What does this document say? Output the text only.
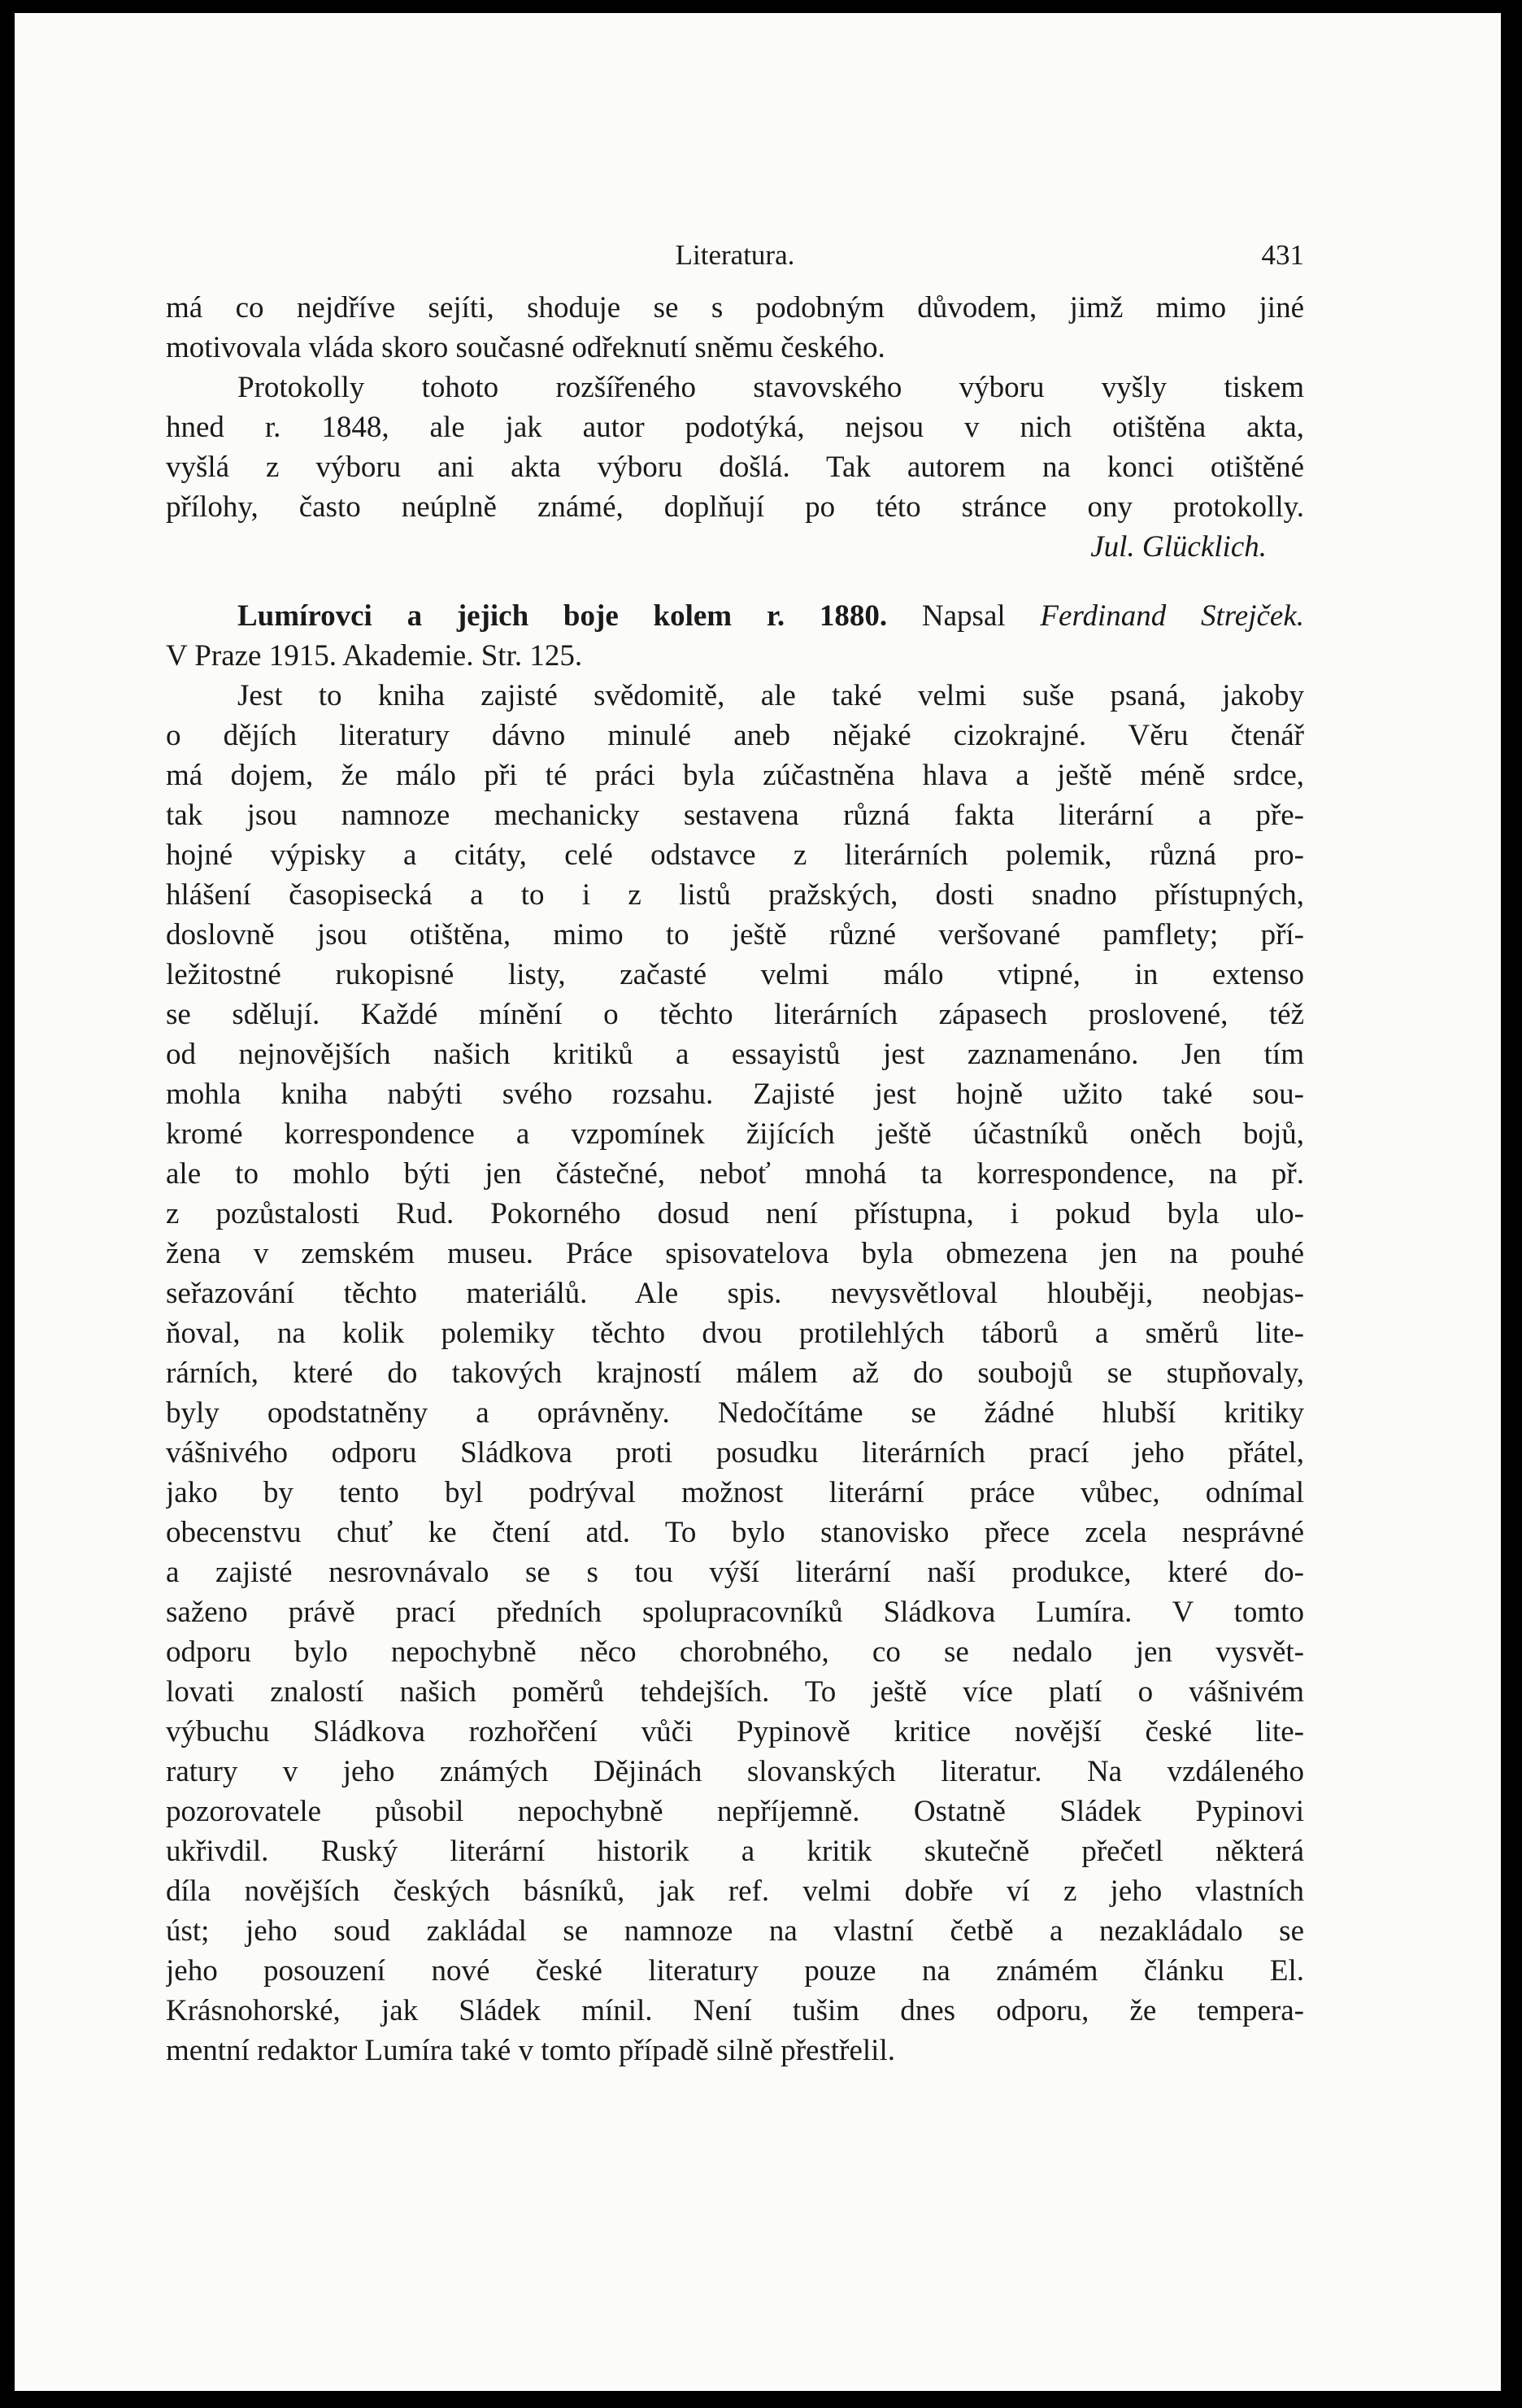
Literatura.	431
má co nejdříve sejíti, shoduje se s podobným důvodem, jimž mimo jiné
motivovala vláda skoro současné odřeknutí sněmu českého.
Protokolly tohoto rozšířeného stavovského výboru vyšly tiskem
hned r. 1848, ale jak autor podotýká, nejsou v nich otištěna akta,
vyšlá z výboru ani akta výboru došlá. Tak autorem na konci otištěné
přílohy, často neúplně známé, doplňují po této stránce ony protokolly.
Jul. Glücklich.
Lumírovci a jejich boje kolem r. 1880. Napsal Ferdinand Strejček.
V Praze 1915. Akademie. Str. 125.
Jest to kniha zajisté svědomitě, ale také velmi suše psaná, jakoby
o dějích literatury dávno minulé aneb nějaké cizokrajné. Věru čtenář
má dojem, že málo při té práci byla zúčastněna hlava a ještě méně srdce,
tak jsou namnoze mechanicky sestavena různá fakta literární a pře-
hojné výpisky a citáty, celé odstavce z literárních polemik, různá pro-
hlášení časopisecká a to i z listů pražských, dosti snadno přístupných,
doslovně jsou otištěna, mimo to ještě různé veršované pamflety; pří-
ležitostné rukopisné listy, začasté velmi málo vtipné, in extenso
se sdělují. Každé mínění o těchto literárních zápasech proslovené, též
od nejnovějších našich kritiků a essayistů jest zaznamenáno. Jen tím
mohla kniha nabýti svého rozsahu. Zajisté jest hojně užito také sou-
kromé korrespondence a vzpomínek žijících ještě účastníků oněch bojů,
ale to mohlo býti jen částečné, neboť mnohá ta korrespondence, na př.
z pozůstalosti Rud. Pokorného dosud není přístupna, i pokud byla ulo-
žena v zemském museu. Práce spisovatelova byla obmezena jen na pouhé
seřazování těchto materiálů. Ale spis. nevysvětloval hlouběji, neobjas-
ňoval, na kolik polemiky těchto dvou protilehlých táborů a směrů lite-
rárních, které do takových krajností málem až do soubojů se stupňovaly,
byly opodstatněny a oprávněny. Nedočítáme se žádné hlubší kritiky
vášnivého odporu Sládkova proti posudku literárních prací jeho přátel,
jako by tento byl podrýval možnost literární práce vůbec, odnímal
obecenstvu chuť ke čtení atd. To bylo stanovisko přece zcela nesprávné
a zajisté nesrovnávalo se s tou výší literární naší produkce, které do-
saženo právě prací předních spolupracovníků Sládkova Lumíra. V tomto
odporu bylo nepochybně něco chorobného, co se nedalo jen vysvět-
lovati znalostí našich poměrů tehdejších. To ještě více platí o vášnivém
výbuchu Sládkova rozhořčení vůči Pypinově kritice novější české lite-
ratury v jeho známých Dějinách slovanských literatur. Na vzdáleného
pozorovatele působil nepochybně nepříjemně. Ostatně Sládek Pypinovi
ukřivdil. Ruský literární historik a kritik skutečně přečetl některá
díla novějších českých básníků, jak ref. velmi dobře ví z jeho vlastních
úst; jeho soud zakládal se namnoze na vlastní četbě a nezakládalo se
jeho posouzení nové české literatury pouze na známém článku El.
Krásnohorské, jak Sládek mínil. Není tušim dnes odporu, že tempera-
mentní redaktor Lumíra také v tomto případě silně přestřelil.
